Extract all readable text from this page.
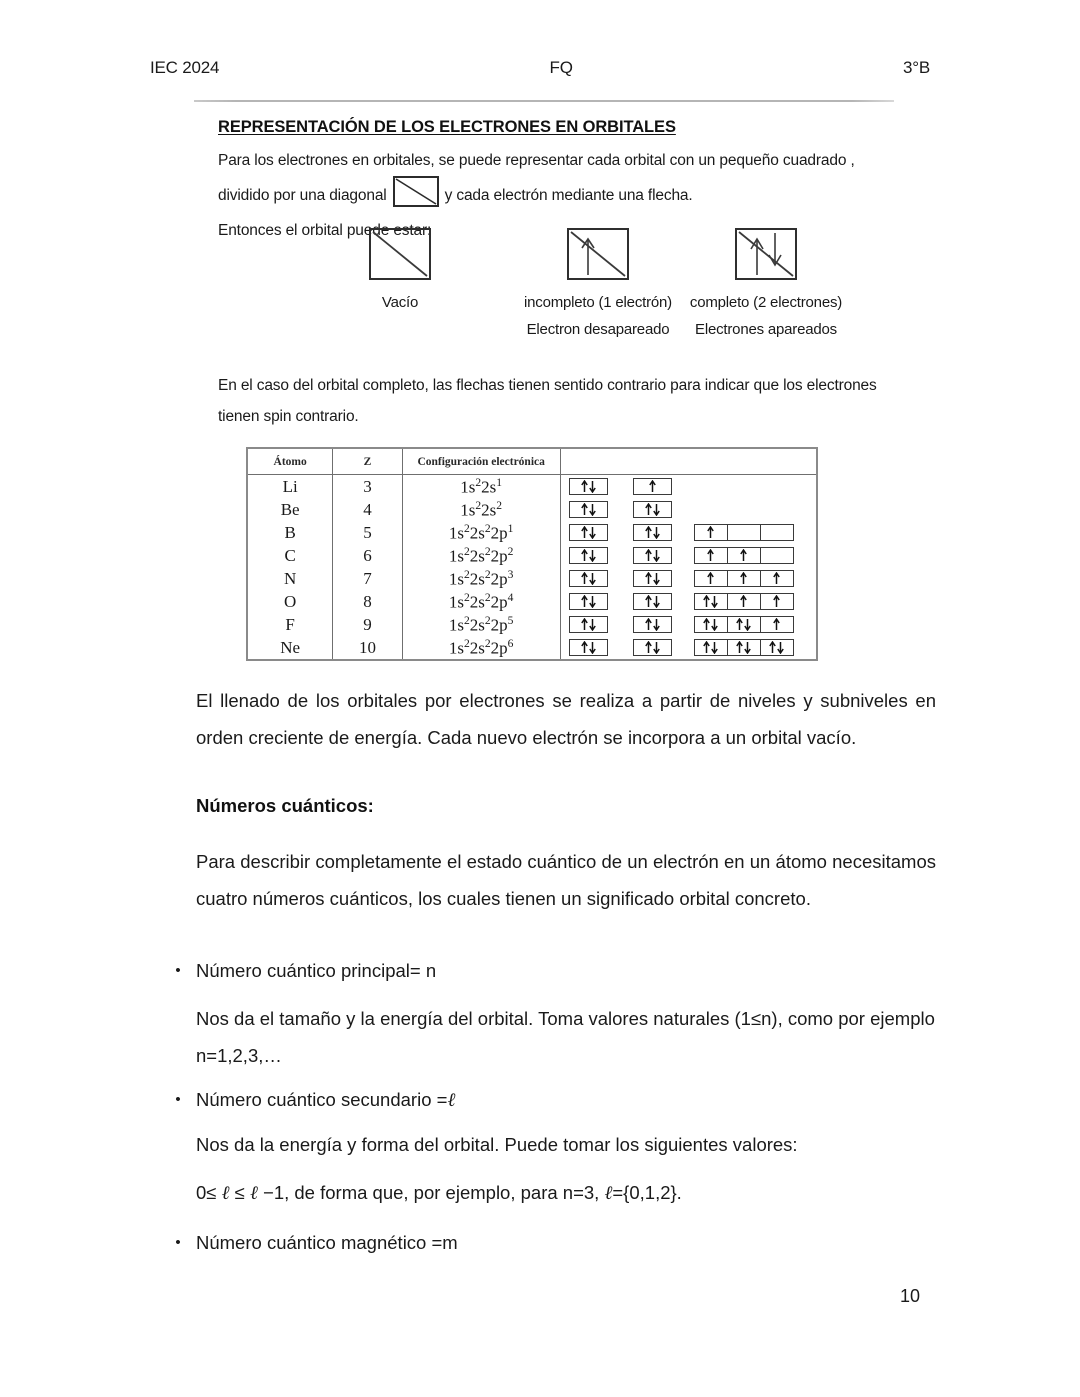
IEC 2024	FQ	3°B
REPRESENTACIÓN DE LOS ELECTRONES EN ORBITALES
Para los electrones en orbitales, se puede representar cada orbital con un pequeño cuadrado , dividido por una diagonal	y cada electrón mediante una flecha.
Entonces el orbital puede estar:
Vacío	incompleto (1 electrón)
Electron desapareado
completo (2 electrones)
Electrones apareados
En el caso del orbital completo, las flechas tienen sentido contrario para indicar que los electrones tienen spin contrario.
Átomo	Z	Configuración electrónica	
Li	3	$1s^22s^1$	

Be	4	$1s^22s^2$	

B	5	$1s^22s^22p^1$	

C	6	$1s^22s^22p^2$	

N	7	$1s^22s^22p^3$	

O	8	$1s^22s^22p^4$	

F	9	$1s^22s^22p^5$	

Ne	10	$1s^22s^22p^6$	
El llenado de los orbitales por electrones se realiza a partir de niveles y subniveles en orden creciente de energía. Cada nuevo electrón se incorpora a un orbital vacío.
Números cuánticos:
Para describir completamente el estado cuántico de un electrón en un átomo necesitamos cuatro números cuánticos, los cuales tienen un significado orbital concreto.
• Número cuántico principal= n
Nos da el tamaño y la energía del orbital. Toma valores naturales (1≤n), como por ejemplo n=1,2,3,…
• Número cuántico secundario =ℓ
Nos da la energía y forma del orbital. Puede tomar los siguientes valores:
0≤ ℓ ≤ ℓ −1, de forma que, por ejemplo, para n=3, ℓ={0,1,2}.
• Número cuántico magnético =m
10
